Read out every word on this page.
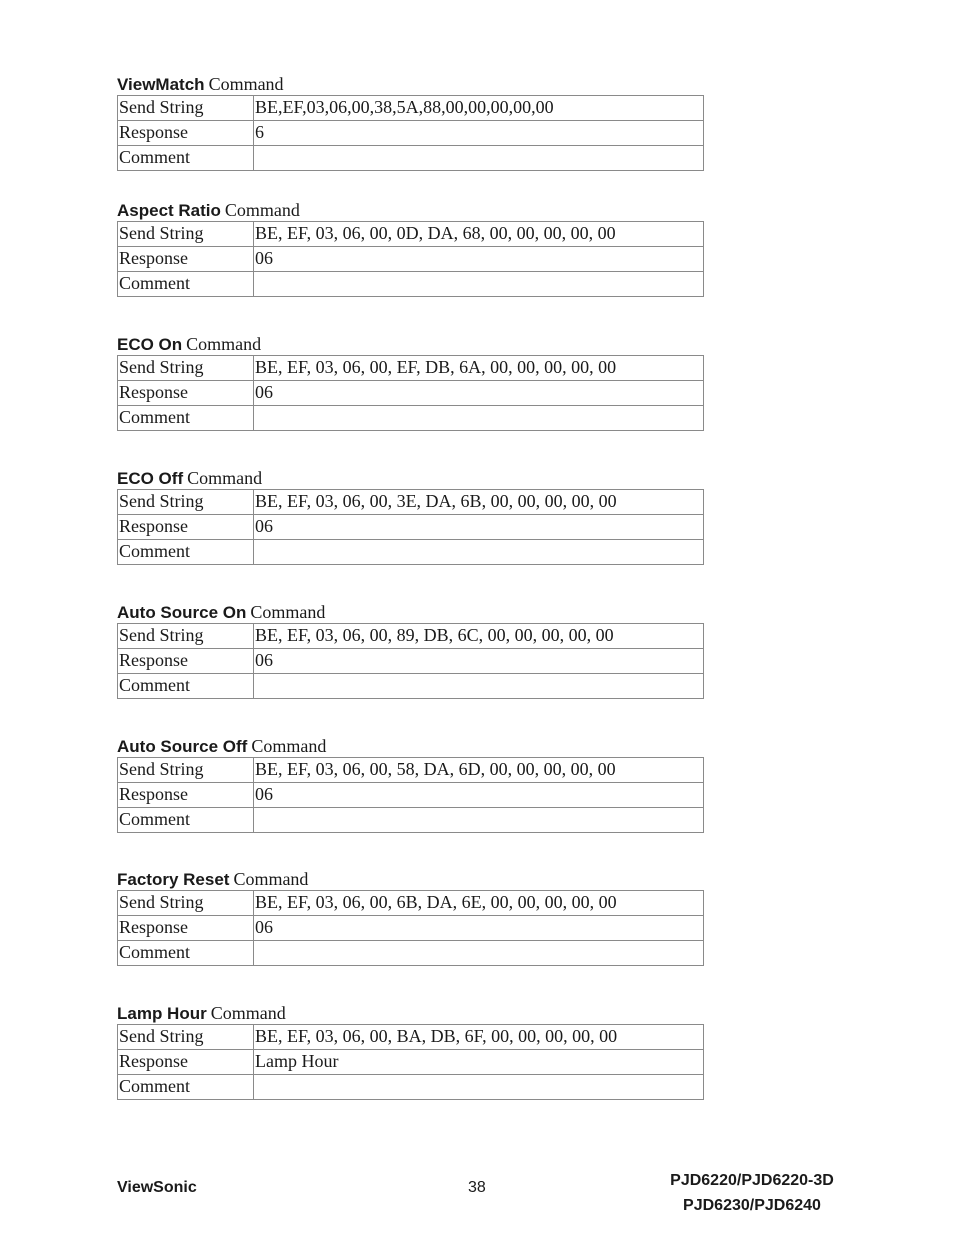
ViewMatch Command
Send String	BE,EF,03,06,00,38,5A,88,00,00,00,00,00
Response	6
Comment	
Aspect Ratio Command
Send String	BE, EF, 03, 06, 00, 0D, DA, 68, 00, 00, 00, 00, 00
Response	06
Comment	
ECO On Command
Send String	BE, EF, 03, 06, 00, EF, DB, 6A, 00, 00, 00, 00, 00
Response	06
Comment	
ECO Off Command
Send String	BE, EF, 03, 06, 00, 3E, DA, 6B, 00, 00, 00, 00, 00
Response	06
Comment	
Auto Source On Command
Send String	BE, EF, 03, 06, 00, 89, DB, 6C, 00, 00, 00, 00, 00
Response	06
Comment	
Auto Source Off Command
Send String	BE, EF, 03, 06, 00, 58, DA, 6D, 00, 00, 00, 00, 00
Response	06
Comment	
Factory Reset Command
Send String	BE, EF, 03, 06, 00, 6B, DA, 6E, 00, 00, 00, 00, 00
Response	06
Comment	
Lamp Hour Command
Send String	BE, EF, 03, 06, 00, BA, DB, 6F, 00, 00, 00, 00, 00
Response	Lamp Hour
Comment	
ViewSonic	38	PJD6220/PJD6220-3D
PJD6230/PJD6240
